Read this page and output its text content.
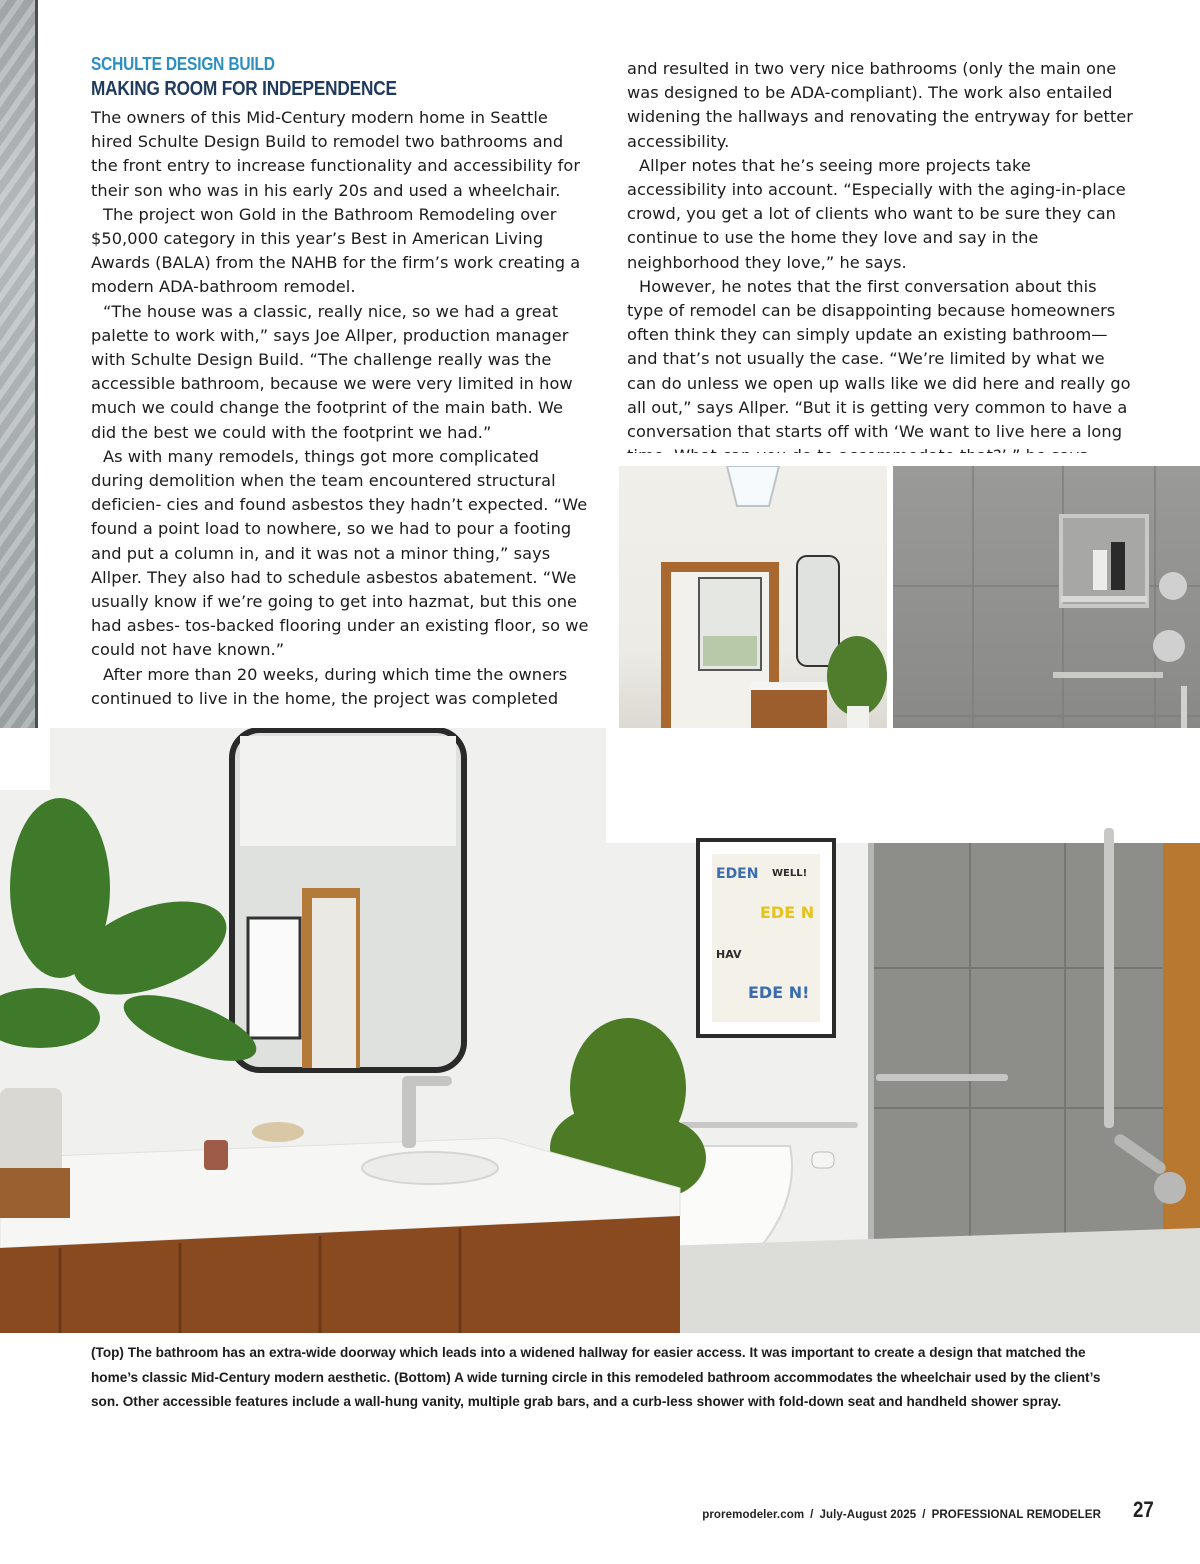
SCHULTE DESIGN BUILD
MAKING ROOM FOR INDEPENDENCE

The owners of this Mid-Century modern home in Seattle hired Schulte Design Build to remodel two bathrooms and the front entry to increase functionality and accessibility for their son who was in his early 20s and used a wheelchair.

The project won Gold in the Bathroom Remodeling over $50,000 category in this year’s Best in American Living Awards (BALA) from the NAHB for the firm’s work creating a modern ADA-bathroom remodel.

“The house was a classic, really nice, so we had a great palette to work with,” says Joe Allper, production manager with Schulte Design Build. “The challenge really was the accessible bathroom, because we were very limited in how much we could change the footprint of the main bath. We did the best we could with the footprint we had.”

As with many remodels, things got more complicated during demolition when the team encountered structural deficien- cies and found asbestos they hadn’t expected. “We found a point load to nowhere, so we had to pour a footing and put a column in, and it was not a minor thing,” says Allper. They also had to schedule asbestos abatement. “We usually know if we’re going to get into hazmat, but this one had asbes- tos-backed flooring under an existing floor, so we could not have known.”

After more than 20 weeks, during which time the owners continued to live in the home, the project was completed

and resulted in two very nice bathrooms (only the main one was designed to be ADA-compliant). The work also entailed widening the hallways and renovating the entryway for better accessibility.

Allper notes that he’s seeing more projects take accessibility into account. “Especially with the aging-in-place crowd, you get a lot of clients who want to be sure they can continue to use the home they love and say in the neighborhood they love,” he says.

However, he notes that the first conversation about this type of remodel can be disappointing because homeowners often think they can simply update an existing bathroom— and that’s not usually the case. “We’re limited by what we can do unless we open up walls like we did here and really go all out,” says Allper. “But it is getting very common to have a conversation that starts off with ‘We want to live here a long

EDEN WELL!
EDE N
HAV
EDE N!
(Top) The bathroom has an extra-wide doorway which leads into a widened hallway for easier access. It was important to create a design that matched the home’s classic Mid-Century modern aesthetic. (Bottom) A wide turning circle in this remodeled bathroom accommodates the wheelchair used by the client’s son. Other accessible features include a wall-hung vanity, multiple grab bars, and a curb-less shower with fold-down seat and handheld shower spray.
proremodeler.com / July-August 2025 / PROFESSIONAL REMODELER 27
